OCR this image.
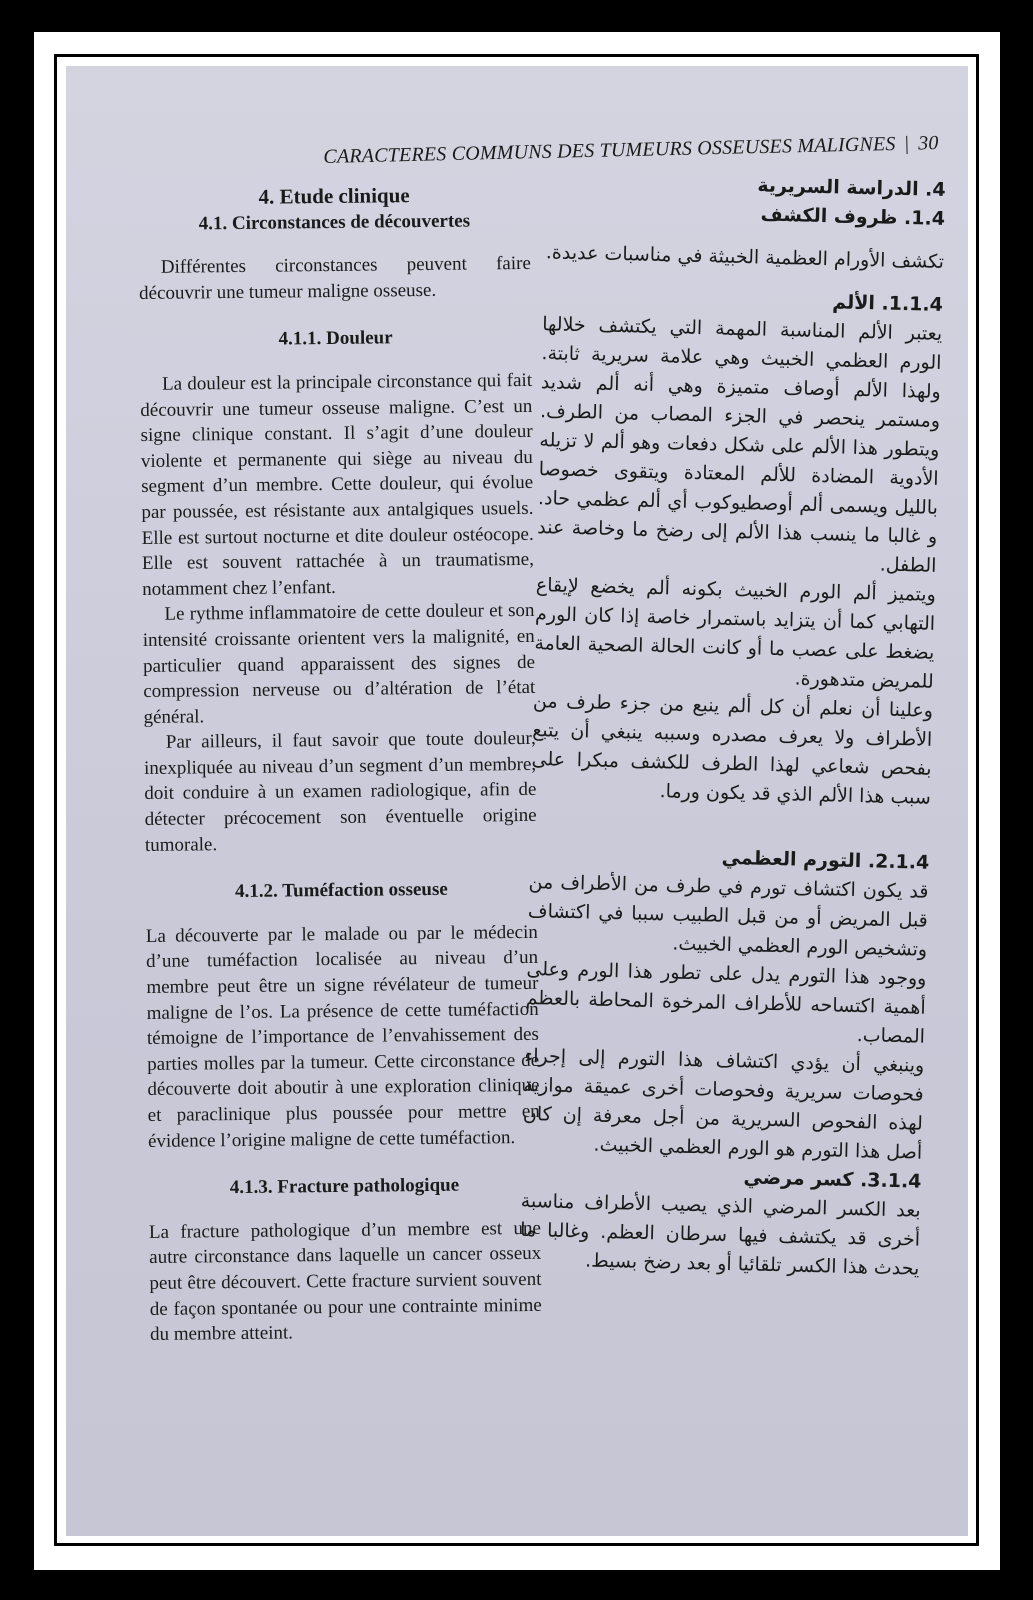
CARACTERES COMMUNS DES TUMEURS OSSEUSES MALIGNES | 30

4. Etude clinique

4.1. Circonstances de découvertes

Différentes circonstances peuvent faire découvrir une tumeur maligne osseuse.

4.1.1. Douleur

La douleur est la principale circonstance qui fait découvrir une tumeur osseuse maligne. C’est un signe clinique constant. Il s’agit d’une douleur violente et permanente qui siège au niveau du segment d’un membre. Cette douleur, qui évolue par poussée, est résistante aux antalgiques usuels. Elle est surtout nocturne et dite douleur ostéocope. Elle est souvent rattachée à un traumatisme, notamment chez l’enfant.

Le rythme inflammatoire de cette douleur et son intensité croissante orientent vers la malignité, en particulier quand apparaissent des signes de compression nerveuse ou d’altération de l’état général.

Par ailleurs, il faut savoir que toute douleur, inexpliquée au niveau d’un segment d’un membre, doit conduire à un examen radiologique, afin de détecter précocement son éventuelle origine tumorale.

4.1.2. Tuméfaction osseuse

La découverte par le malade ou par le médecin d’une tuméfaction localisée au niveau d’un membre peut être un signe révélateur de tumeur maligne de l’os. La présence de cette tuméfaction témoigne de l’importance de l’envahissement des parties molles par la tumeur. Cette circonstance de découverte doit aboutir à une exploration clinique et paraclinique plus poussée pour mettre en évidence l’origine maligne de cette tuméfaction.

4.1.3. Fracture pathologique

La fracture pathologique d’un membre est une autre circonstance dans laquelle un cancer osseux peut être découvert. Cette fracture survient souvent de façon spontanée ou pour une contrainte minime du membre atteint.

4. الدراسة السريرية

1.4. ظروف الكشف

تكشف الأورام العظمية الخبيثة في مناسبات عديدة.

1.1.4. الألم

يعتبر الألم المناسبة المهمة التي يكتشف خلالها الورم العظمي الخبيث وهي علامة سريرية ثابتة. ولهذا الألم أوصاف متميزة وهي أنه ألم شديد ومستمر ينحصر في الجزء المصاب من الطرف. ويتطور هذا الألم على شكل دفعات وهو ألم لا تزيله الأدوية المضادة للألم المعتادة ويتقوى خصوصا بالليل ويسمى ألم أوصطيوكوب أي ألم عظمي حاد. و غالبا ما ينسب هذا الألم إلى رضخ ما وخاصة عند الطفل.

ويتميز ألم الورم الخبيث بكونه ألم يخضع لإيقاع التهابي كما أن يتزايد باستمرار خاصة إذا كان الورم يضغط على عصب ما أو كانت الحالة الصحية العامة للمريض متدهورة.

وعلينا أن نعلم أن كل ألم ينبع من جزء طرف من الأطراف ولا يعرف مصدره وسببه ينبغي أن يتبع بفحص شعاعي لهذا الطرف للكشف مبكرا على سبب هذا الألم الذي قد يكون ورما.

2.1.4. التورم العظمي

قد يكون اكتشاف تورم في طرف من الأطراف من قبل المريض أو من قبل الطبيب سببا في اكتشاف وتشخيص الورم العظمي الخبيث.

ووجود هذا التورم يدل على تطور هذا الورم وعلى أهمية اكتساحه للأطراف المرخوة المحاطة بالعظم المصاب.

وينبغي أن يؤدي اكتشاف هذا التورم إلى إجراء فحوصات سريرية وفحوصات أخرى عميقة موازية لهذه الفحوص السريرية من أجل معرفة إن كان أصل هذا التورم هو الورم العظمي الخبيث.

3.1.4. كسر مرضي

بعد الكسر المرضي الذي يصيب الأطراف مناسبة أخرى قد يكتشف فيها سرطان العظم. وغالبا ما يحدث هذا الكسر تلقائيا أو بعد رضخ بسيط.
